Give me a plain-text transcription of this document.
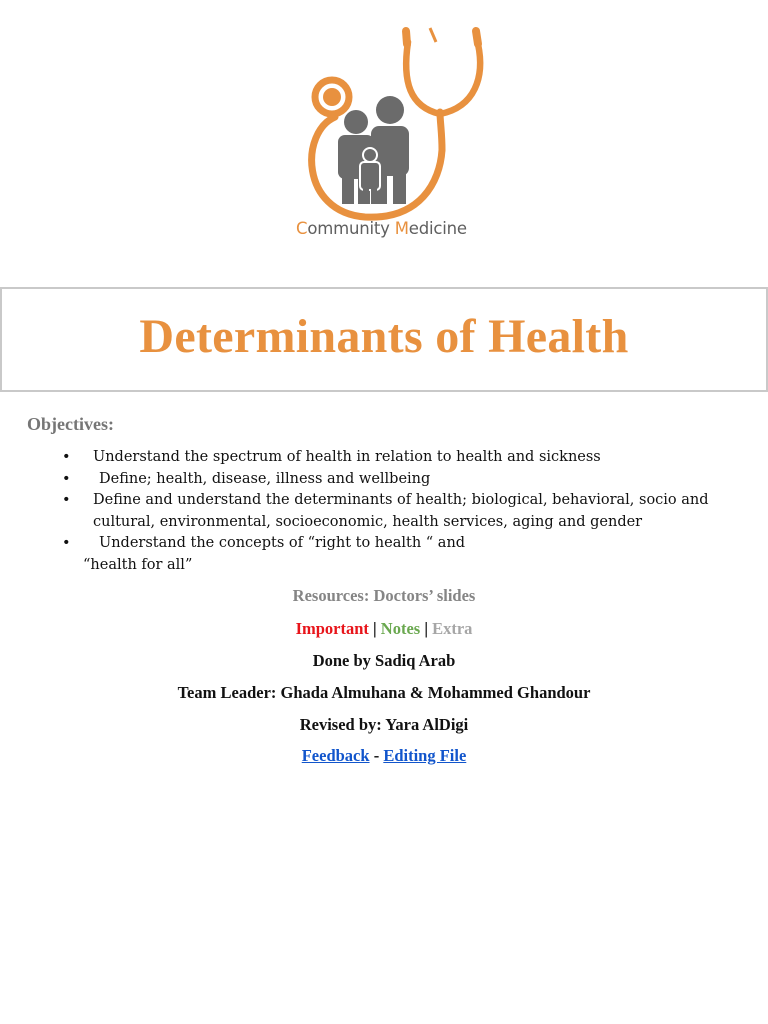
Community Medicine
Determinants of Health
Objectives:
• Understand the spectrum of health in relation to health and sickness
• Define; health, disease, illness and wellbeing
• Define and understand the determinants of health; biological, behavioral, socio and cultural, environmental, socioeconomic, health services, aging and gender
• Understand the concepts of “right to health “ and
“health for all”
Resources: Doctors’ slides
Important | Notes | Extra
Done by Sadiq Arab
Team Leader: Ghada Almuhana & Mohammed Ghandour
Revised by: Yara AlDigi
Feedback - Editing File
